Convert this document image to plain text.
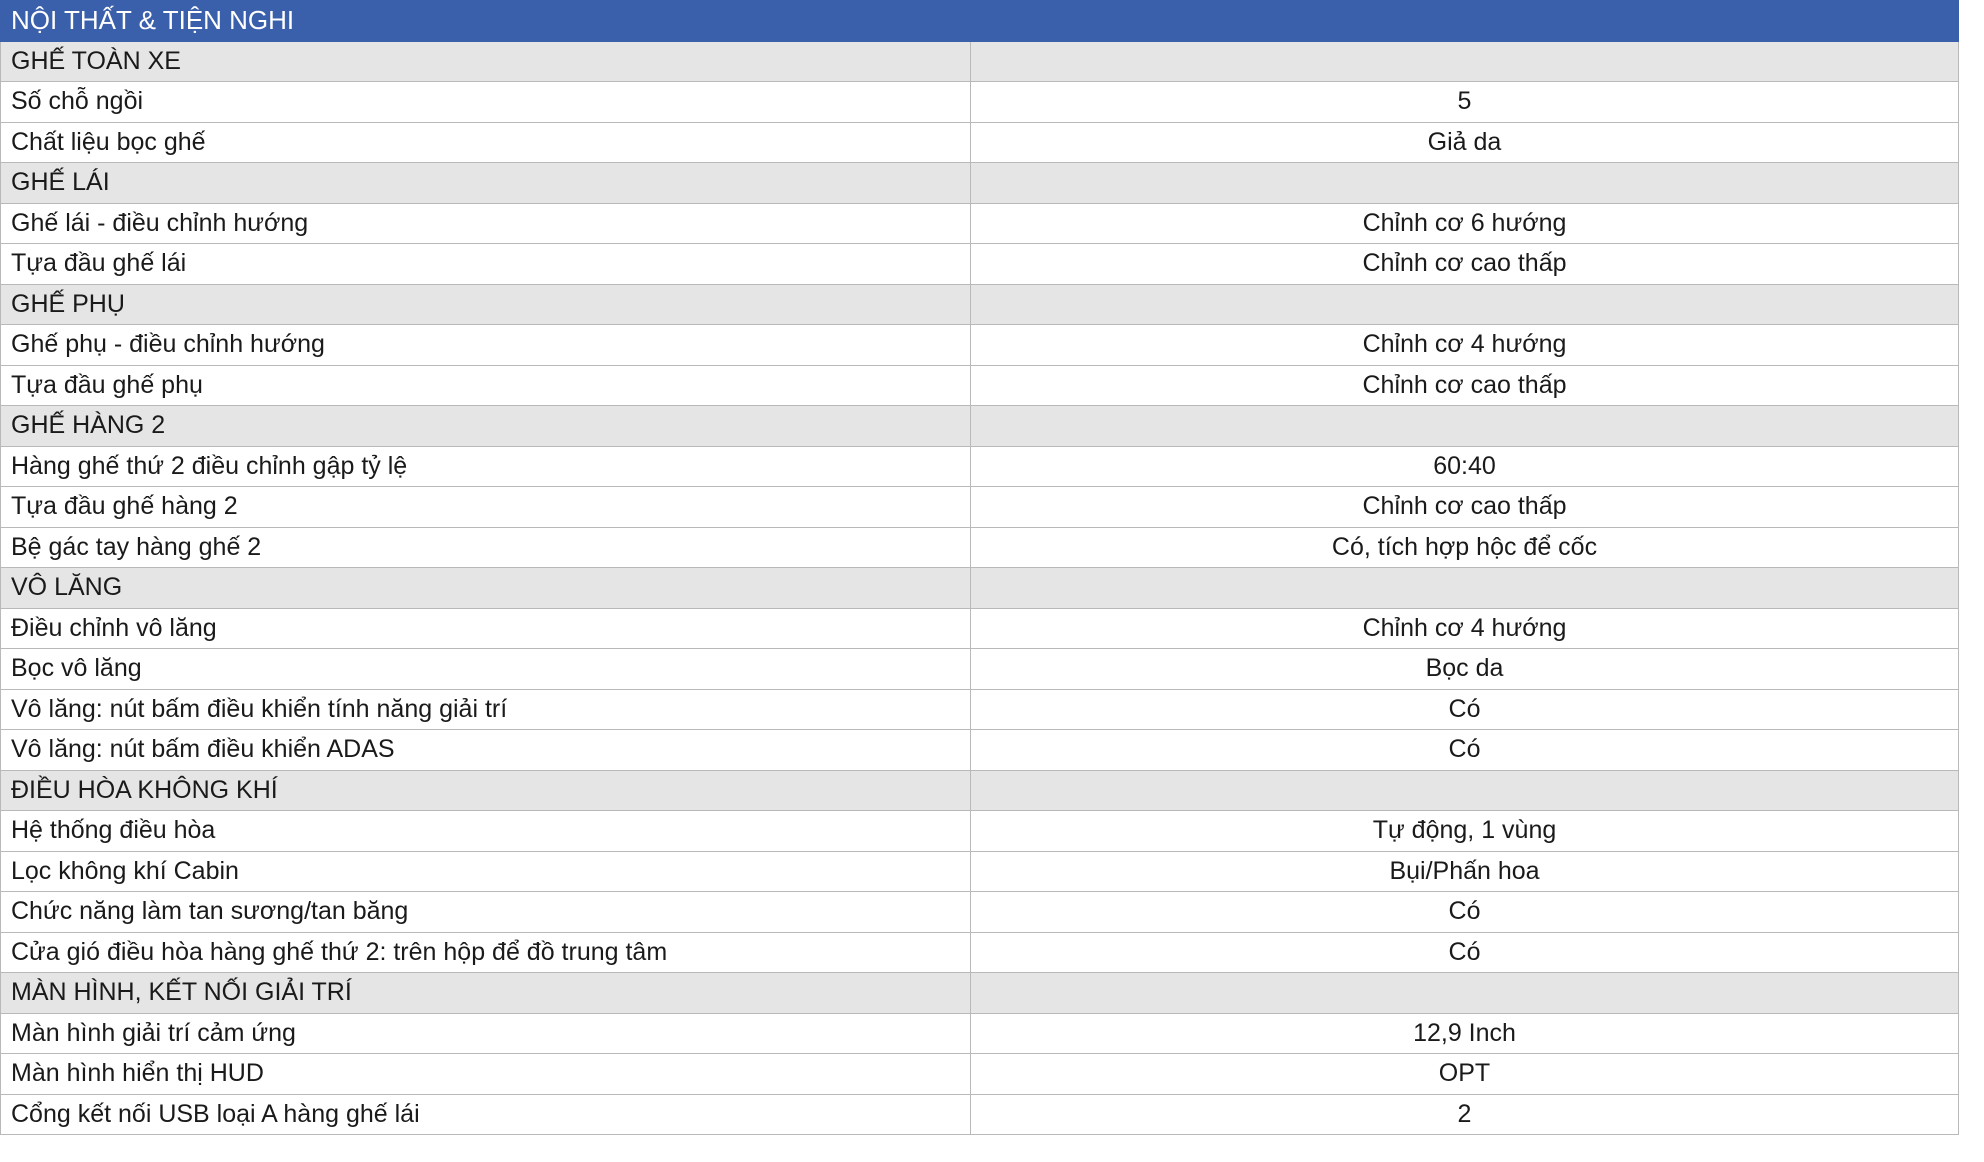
NỘI THẤT & TIỆN NGHI	
GHẾ TOÀN XE	
Số chỗ ngồi	5
Chất liệu bọc ghế	Giả da
GHẾ LÁI	
Ghế lái - điều chỉnh hướng	Chỉnh cơ 6 hướng
Tựa đầu ghế lái	Chỉnh cơ cao thấp
GHẾ PHỤ	
Ghế phụ - điều chỉnh hướng	Chỉnh cơ 4 hướng
Tựa đầu ghế phụ	Chỉnh cơ cao thấp
GHẾ HÀNG 2	
Hàng ghế thứ 2 điều chỉnh gập tỷ lệ	60:40
Tựa đầu ghế hàng 2	Chỉnh cơ cao thấp
Bệ gác tay hàng ghế 2	Có, tích hợp hộc để cốc
VÔ LĂNG	
Điều chỉnh vô lăng	Chỉnh cơ 4 hướng
Bọc vô lăng	Bọc da
Vô lăng: nút bấm điều khiển tính năng giải trí	Có
Vô lăng: nút bấm điều khiển ADAS	Có
ĐIỀU HÒA KHÔNG KHÍ	
Hệ thống điều hòa	Tự động, 1 vùng
Lọc không khí Cabin	Bụi/Phấn hoa
Chức năng làm tan sương/tan băng	Có
Cửa gió điều hòa hàng ghế thứ 2: trên hộp để đồ trung tâm	Có
MÀN HÌNH, KẾT NỐI GIẢI TRÍ	
Màn hình giải trí cảm ứng	12,9 Inch
Màn hình hiển thị HUD	OPT
Cổng kết nối USB loại A hàng ghế lái	2
